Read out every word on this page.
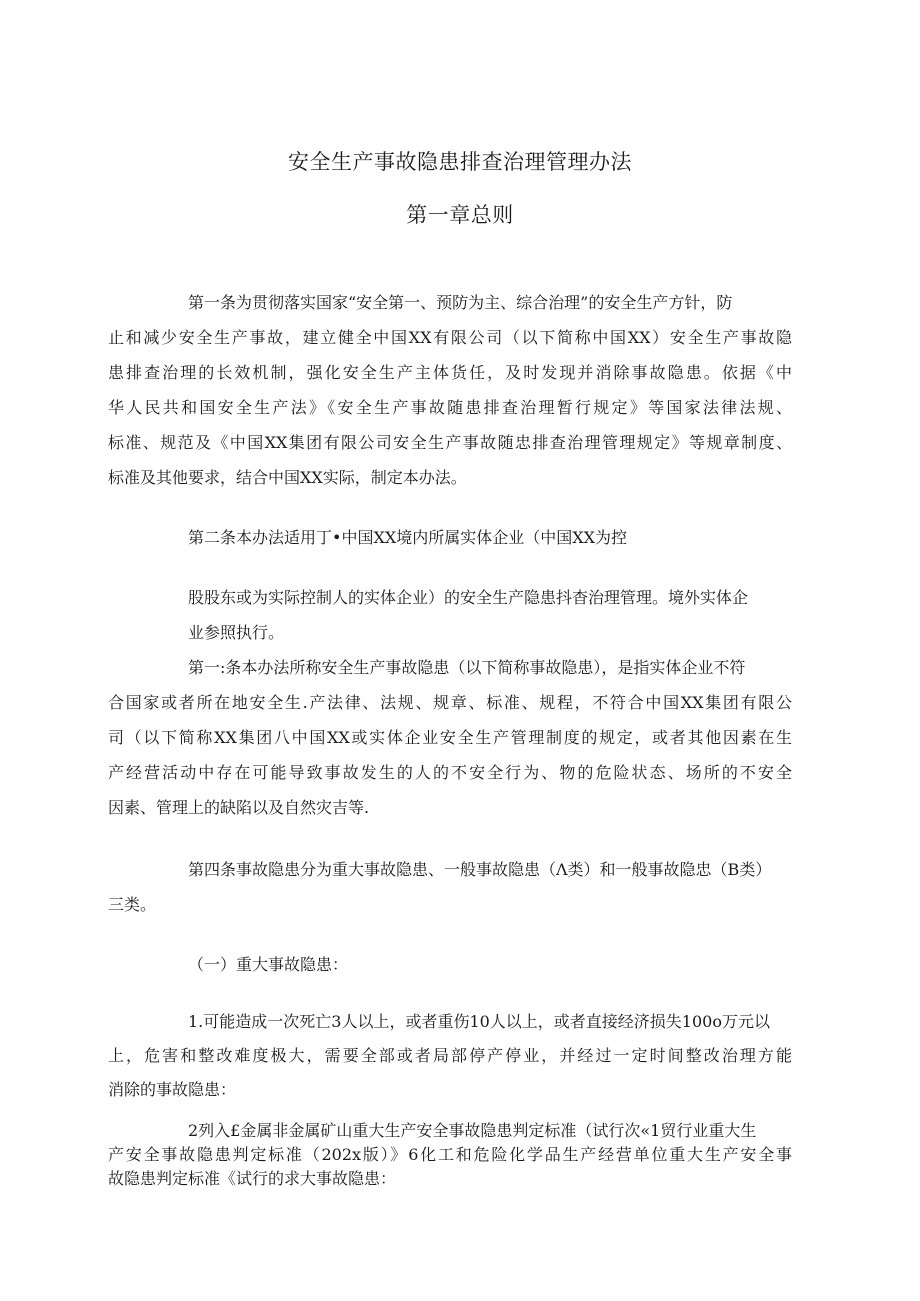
安全生产事故隐患排查治理管理办法
第一章总则
第一条为贯彻落实国家“安全第一、预防为主、综合治理”的安全生产方针，防
止和减少安全生产事故，建立健全中国XX有限公司（以下简称中国XX）安全生产事故隐
患排查治理的长效机制，强化安全生产主体货任，及时发现并消除事故隐患。依据《中
华人民共和国安全生产法》《安全生产事故随患排查治理暂行规定》等国家法律法规、
标准、规范及《中国XX集团有限公司安全生产事故随忠排查治理管理规定》等规章制度、
标准及其他要求，结合中国XX实际，制定本办法。
第二条本办法适用丁•中国XX境内所属实体企业（中国XX为控
股股东或为实际控制人的实体企业）的安全生产隐患抖杳治理管理。境外实体企
业参照执行。
第一:条本办法所称安全生产事故隐患（以下简称事故隐患），是指实体企业不符
合国家或者所在地安全生.产法律、法规、规章、标准、规程，不符合中国XX集团有限公
司（以下简称XX集团八中国XX或实体企业安全生产管理制度的规定，或者其他因素在生
产经营活动中存在可能导致事故发生的人的不安全行为、物的危险状态、场所的不安全
因素、管理上的缺陷以及自然灾吉等.
第四条事故隐患分为重大事故隐患、一般事故隐患（Λ类）和一般事故隐忠（B类）
三类。
（一）重大事故隐患：
1.可能造成一次死亡3人以上，或者重伤10人以上，或者直接经济损失100o万元以
上，危害和整改难度极大，需要全部或者局部停产停业，并经过一定时间整改治理方能
消除的事故隐患：
2列入£金属非金属矿山重大生产安全事故隐患判定标准（试行次«1贸行业重大生
产安全事故隐患判定标准（202x版）》6化工和危险化学品生产经营单位重大生产安全事
故隐患判定标准《试行的求大事故隐患：
